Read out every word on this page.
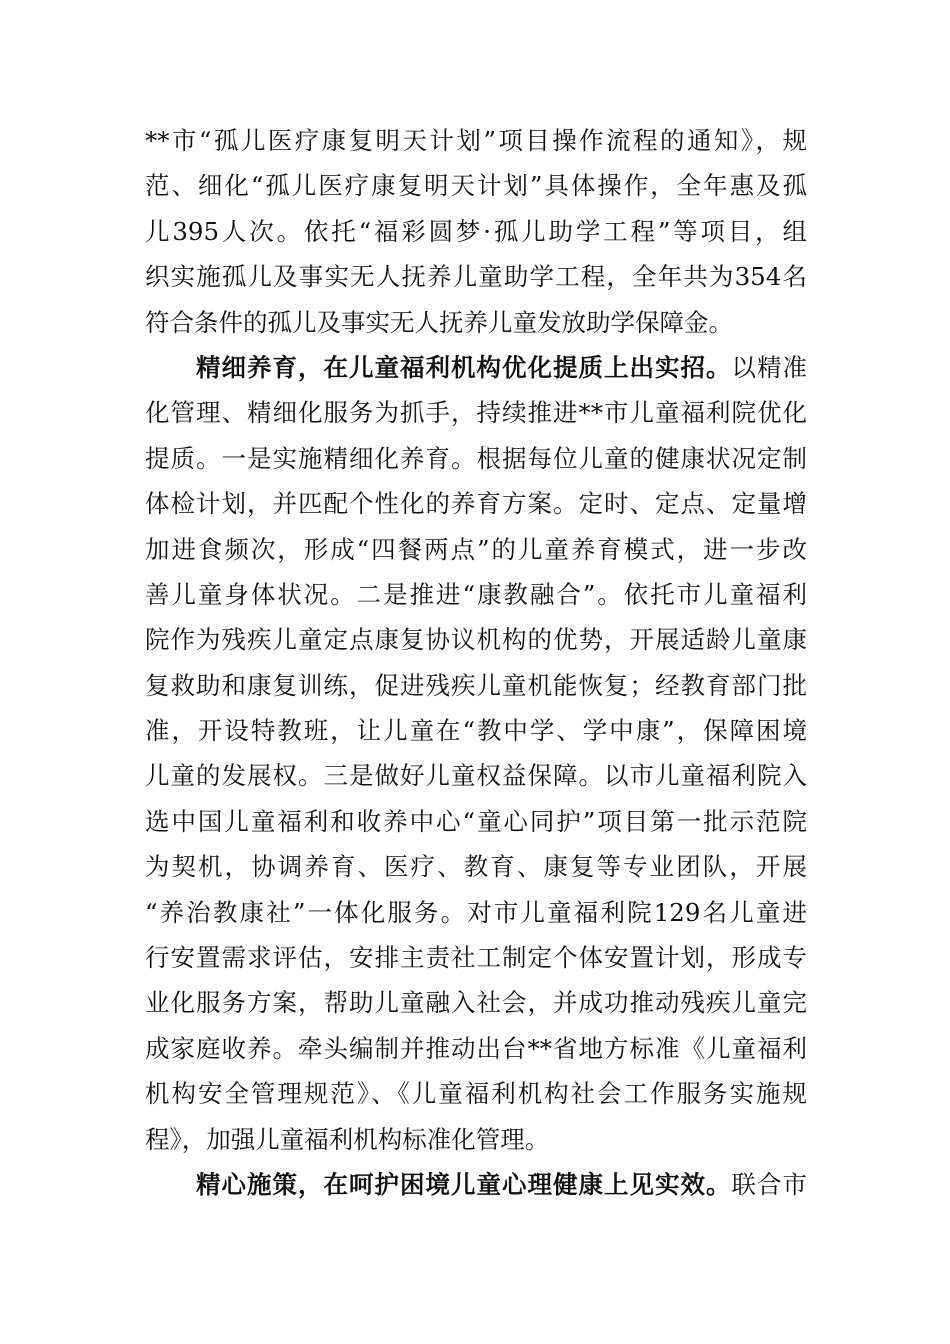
**市“孤儿医疗康复明天计划”项目操作流程的通知》，规
范、细化“孤儿医疗康复明天计划”具体操作，全年惠及孤
儿395人次。依托“福彩圆梦·孤儿助学工程”等项目，组
织实施孤儿及事实无人抚养儿童助学工程，全年共为354名
符合条件的孤儿及事实无人抚养儿童发放助学保障金。
　　精细养育，在儿童福利机构优化提质上出实招。以精准
化管理、精细化服务为抓手，持续推进**市儿童福利院优化
提质。一是实施精细化养育。根据每位儿童的健康状况定制
体检计划，并匹配个性化的养育方案。定时、定点、定量增
加进食频次，形成“四餐两点”的儿童养育模式，进一步改
善儿童身体状况。二是推进“康教融合”。依托市儿童福利
院作为残疾儿童定点康复协议机构的优势，开展适龄儿童康
复救助和康复训练，促进残疾儿童机能恢复；经教育部门批
准，开设特教班，让儿童在“教中学、学中康”，保障困境
儿童的发展权。三是做好儿童权益保障。以市儿童福利院入
选中国儿童福利和收养中心“童心同护”项目第一批示范院
为契机，协调养育、医疗、教育、康复等专业团队，开展
“养治教康社”一体化服务。对市儿童福利院129名儿童进
行安置需求评估，安排主责社工制定个体安置计划，形成专
业化服务方案，帮助儿童融入社会，并成功推动残疾儿童完
成家庭收养。牵头编制并推动出台**省地方标准《儿童福利
机构安全管理规范》、《儿童福利机构社会工作服务实施规
程》，加强儿童福利机构标准化管理。
　　精心施策，在呵护困境儿童心理健康上见实效。联合市
